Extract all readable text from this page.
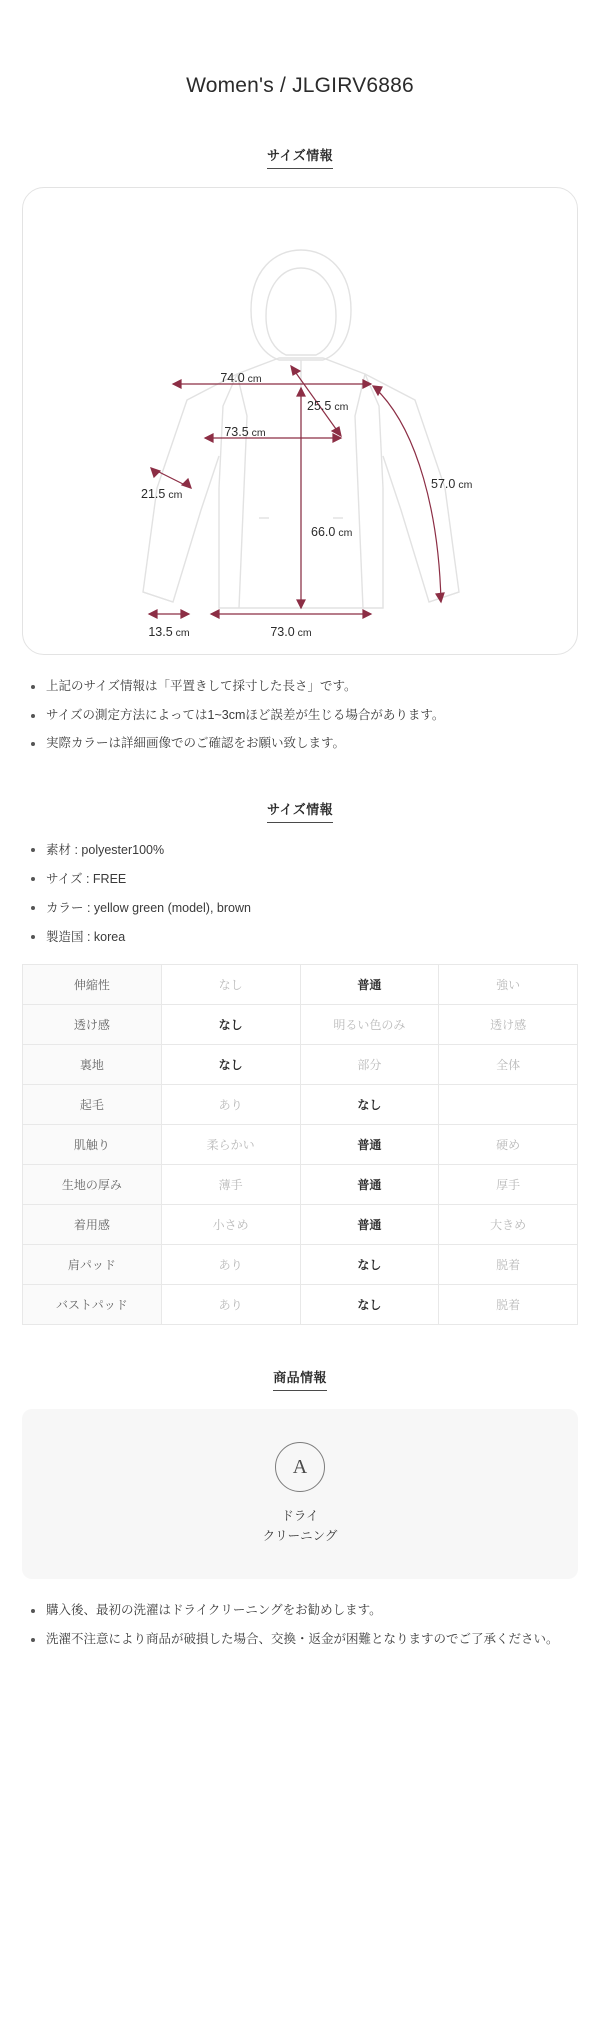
Women's / JLGIRV6886
サイズ情報
74.0 cm
25.5 cm
73.5 cm
21.5 cm
57.0 cm
66.0 cm
13.5 cm	73.0 cm
上記のサイズ情報は「平置きして採寸した長さ」です。
サイズの測定方法によっては1~3cmほど誤差が生じる場合があります。
実際カラーは詳細画像でのご確認をお願い致します。
サイズ情報
素材 : polyester100%
サイズ : FREE
カラー : yellow green (model), brown
製造国 : korea
伸縮性	なし	普通	強い
透け感	なし	明るい色のみ	透け感
裏地	なし	部分	全体
起毛	あり	なし	
肌触り	柔らかい	普通	硬め
生地の厚み	薄手	普通	厚手
着用感	小さめ	普通	大きめ
肩パッド	あり	なし	脱着
バストパッド	あり	なし	脱着
商品情報
A
ドライ
クリーニング
購入後、最初の洗濯はドライクリーニングをお勧めします。
洗濯不注意により商品が破損した場合、交換・返金が困難となりますのでご了承ください。
